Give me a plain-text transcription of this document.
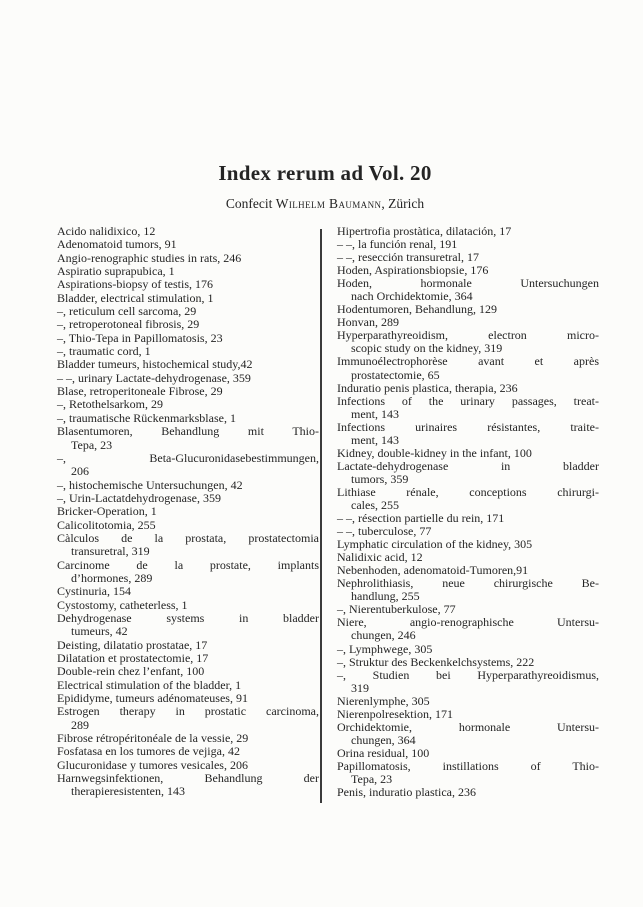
Index rerum ad Vol. 20
Confecit Wilhelm Baumann, Zürich
Acido nalidixico, 12
Adenomatoid tumors, 91
Angio-renographic studies in rats, 246
Aspiratio suprapubica, 1
Aspirations-biopsy of testis, 176
Bladder, electrical stimulation, 1
–, reticulum cell sarcoma, 29
–, retroperotoneal fibrosis, 29
–, Thio-Tepa in Papillomatosis, 23
–, traumatic cord, 1
Bladder tumeurs, histochemical study,42
– –, urinary Lactate-dehydrogenase, 359
Blase, retroperitoneale Fibrose, 29
–, Retothelsarkom, 29
–, traumatische Rückenmarksblase, 1
Blasentumoren, Behandlung mit Thio-
Tepa, 23
–, Beta-Glucuronidasebestimmungen,
206
–, histochemische Untersuchungen, 42
–, Urin-Lactatdehydrogenase, 359
Bricker-Operation, 1
Calicolitotomia, 255
Càlculos de la prostata, prostatectomia
transuretral, 319
Carcinome de la prostate, implants
d’hormones, 289
Cystinuria, 154
Cystostomy, catheterless, 1
Dehydrogenase systems in bladder
tumeurs, 42
Deisting, dilatatio prostatae, 17
Dilatation et prostatectomie, 17
Double-rein chez l’enfant, 100
Electrical stimulation of the bladder, 1
Epididyme, tumeurs adénomateuses, 91
Estrogen therapy in prostatic carcinoma,
289
Fibrose rétropéritonéale de la vessie, 29
Fosfatasa en los tumores de vejiga, 42
Glucuronidase y tumores vesicales, 206
Harnwegsinfektionen, Behandlung der
therapieresistenten, 143
Hipertrofia prostàtica, dilatación, 17
– –, la función renal, 191
– –, resección transuretral, 17
Hoden, Aspirationsbiopsie, 176
Hoden, hormonale Untersuchungen
nach Orchidektomie, 364
Hodentumoren, Behandlung, 129
Honvan, 289
Hyperparathyreoidism, electron micro-
scopic study on the kidney, 319
Immunoélectrophorèse avant et après
prostatectomie, 65
Induratio penis plastica, therapia, 236
Infections of the urinary passages, treat-
ment, 143
Infections urinaires résistantes, traite-
ment, 143
Kidney, double-kidney in the infant, 100
Lactate-dehydrogenase in bladder
tumors, 359
Lithiase rénale, conceptions chirurgi-
cales, 255
– –, résection partielle du rein, 171
– –, tuberculose, 77
Lymphatic circulation of the kidney, 305
Nalidixic acid, 12
Nebenhoden, adenomatoid-Tumoren,91
Nephrolithiasis, neue chirurgische Be-
handlung, 255
–, Nierentuberkulose, 77
Niere, angio-renographische Untersu-
chungen, 246
–, Lymphwege, 305
–, Struktur des Beckenkelchsystems, 222
–, Studien bei Hyperparathyreoidismus,
319
Nierenlymphe, 305
Nierenpolresektion, 171
Orchidektomie, hormonale Untersu-
chungen, 364
Orina residual, 100
Papillomatosis, instillations of Thio-
Tepa, 23
Penis, induratio plastica, 236
